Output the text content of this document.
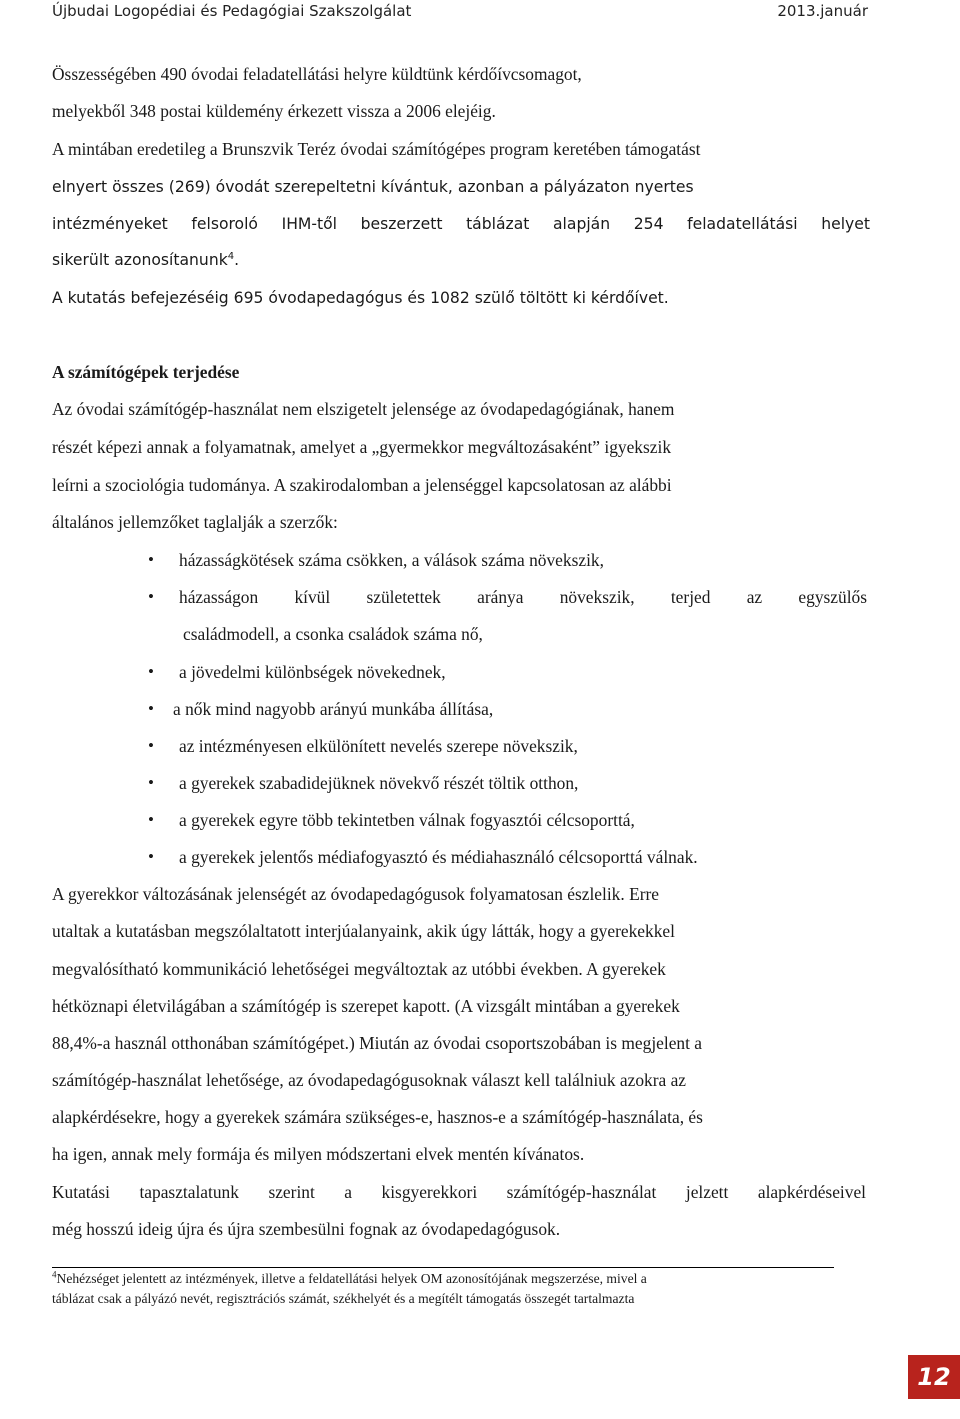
Újbudai Logopédiai és Pedagógiai Szakszolgálat	2013.január
Összességében 490 óvodai feladatellátási helyre küldtünk kérdőívcsomagot,
melyekből 348 postai küldemény érkezett vissza a 2006 elejéig.
A mintában eredetileg a Brunszvik Teréz óvodai számítógépes program keretében támogatást
elnyert összes (269) óvodát szerepeltetni kívántuk, azonban a pályázaton nyertes
intézményeket felsoroló IHM-től beszerzett táblázat alapján 254 feladatellátási helyet
sikerült azonosítanunk$^4$.
A kutatás befejezéséig 695 óvodapedagógus és 1082 szülő töltött ki kérdőívet.
A számítógépek terjedése
Az óvodai számítógép-használat nem elszigetelt jelensége az óvodapedagógiának, hanem
részét képezi annak a folyamatnak, amelyet a „gyermekkor megváltozásaként” igyekszik
leírni a szociológia tudománya. A szakirodalomban a jelenséggel kapcsolatosan az alábbi
általános jellemzőket taglalják a szerzők:
• házasságkötések száma csökken, a válások száma növekszik,
• házasságon kívül születettek aránya növekszik, terjed az egyszülős
családmodell, a csonka családok száma nő,
• a jövedelmi különbségek növekednek,
• a nők mind nagyobb arányú munkába állítása,
• az intézményesen elkülönített nevelés szerepe növekszik,
• a gyerekek szabadidejüknek növekvő részét töltik otthon,
• a gyerekek egyre több tekintetben válnak fogyasztói célcsoporttá,
• a gyerekek jelentős médiafogyasztó és médiahasználó célcsoporttá válnak.
A gyerekkor változásának jelenségét az óvodapedagógusok folyamatosan észlelik. Erre
utaltak a kutatásban megszólaltatott interjúalanyaink, akik úgy látták, hogy a gyerekekkel
megvalósítható kommunikáció lehetőségei megváltoztak az utóbbi években. A gyerekek
hétköznapi életvilágában a számítógép is szerepet kapott. (A vizsgált mintában a gyerekek
88,4%-a használ otthonában számítógépet.) Miután az óvodai csoportszobában is megjelent a
számítógép-használat lehetősége, az óvodapedagógusoknak választ kell találniuk azokra az
alapkérdésekre, hogy a gyerekek számára szükséges-e, hasznos-e a számítógép-használata, és
ha igen, annak mely formája és milyen módszertani elvek mentén kívánatos.
Kutatási tapasztalatunk szerint a kisgyerekkori számítógép-használat jelzett alapkérdéseivel
még hosszú ideig újra és újra szembesülni fognak az óvodapedagógusok.
$^4$Nehézséget jelentett az intézmények, illetve a feldatellátási helyek OM azonosítójának megszerzése, mivel a
táblázat csak a pályázó nevét, regisztrációs számát, székhelyét és a megítélt támogatás összegét tartalmazta
12
